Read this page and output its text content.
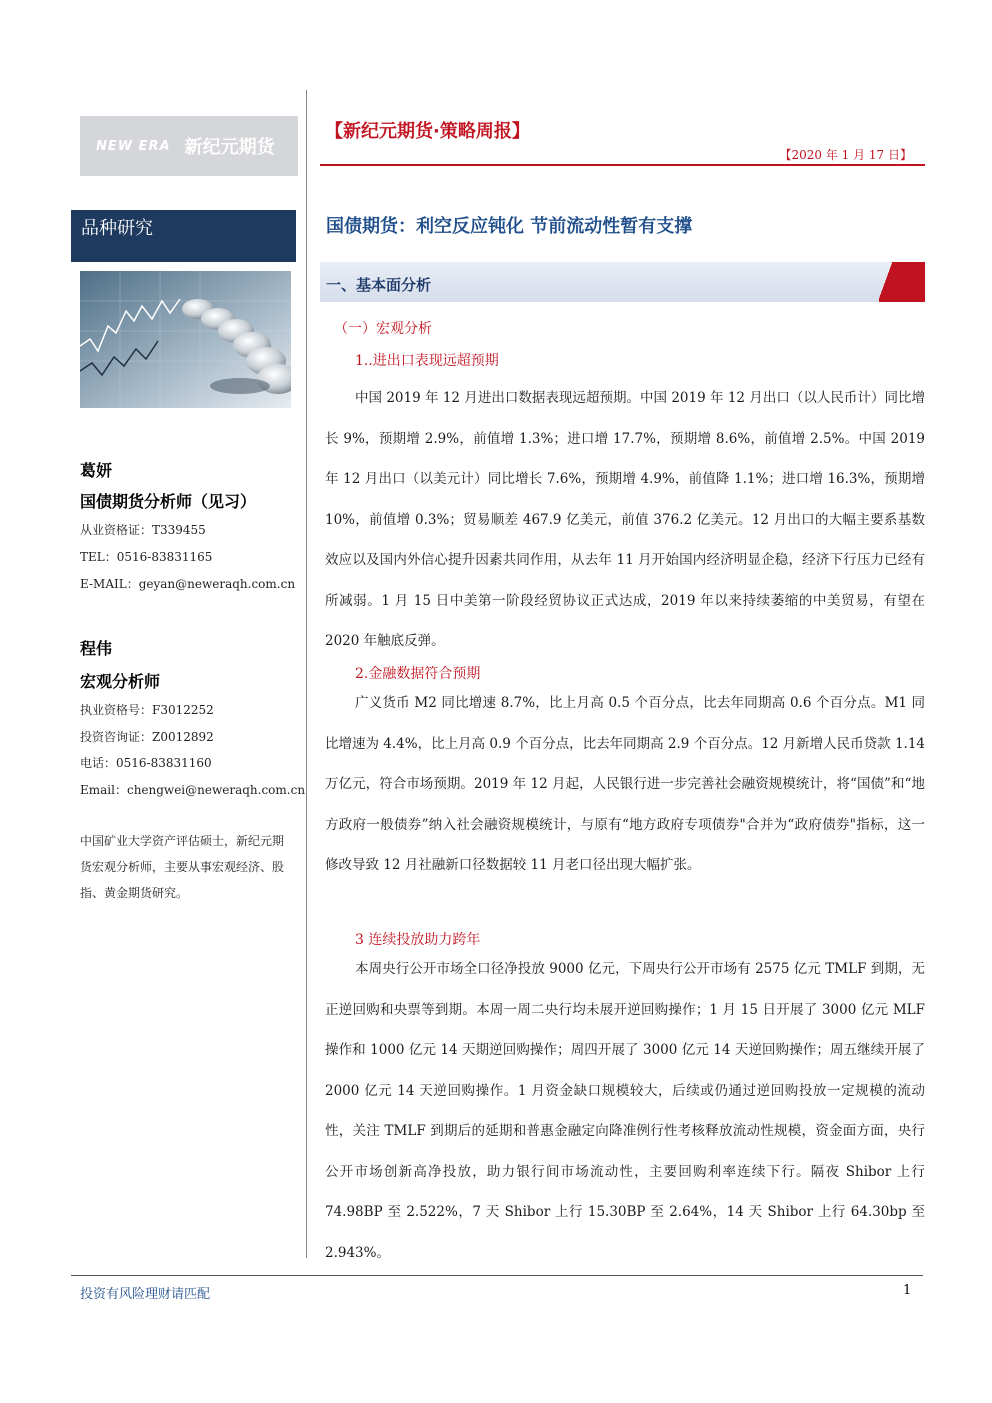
NEW ERA 新纪元期货
品种研究
葛妍
国债期货分析师（见习）
从业资格证：T339455
TEL：0516-83831165
E-MAIL：geyan@neweraqh.com.cn
程伟
宏观分析师
执业资格号：F3012252
投资咨询证：Z0012892
电话：0516-83831160
Email：chengwei@neweraqh.com.cn
中国矿业大学资产评估硕士，新纪元期货宏观分析师，主要从事宏观经济、股指、黄金期货研究。
【新纪元期货·策略周报】
【2020 年 1 月 17 日】
国债期货：利空反应钝化 节前流动性暂有支撑
一、基本面分析
（一）宏观分析
1..进出口表现远超预期
中国 2019 年 12 月进出口数据表现远超预期。中国 2019 年 12 月出口（以人民币计）同比增长 9%，预期增 2.9%，前值增 1.3%；进口增 17.7%，预期增 8.6%，前值增 2.5%。中国 2019 年 12 月出口（以美元计）同比增长 7.6%，预期增 4.9%，前值降 1.1%；进口增 16.3%，预期增 10%，前值增 0.3%；贸易顺差 467.9 亿美元，前值 376.2 亿美元。12 月出口的大幅主要系基数效应以及国内外信心提升因素共同作用，从去年 11 月开始国内经济明显企稳，经济下行压力已经有所减弱。1 月 15 日中美第一阶段经贸协议正式达成，2019 年以来持续萎缩的中美贸易，有望在 2020 年触底反弹。
2.金融数据符合预期
广义货币 M2 同比增速 8.7%，比上月高 0.5 个百分点，比去年同期高 0.6 个百分点。M1 同比增速为 4.4%，比上月高 0.9 个百分点，比去年同期高 2.9 个百分点。12 月新增人民币贷款 1.14 万亿元，符合市场预期。2019 年 12 月起，人民银行进一步完善社会融资规模统计，将“国债”和“地方政府一般债券”纳入社会融资规模统计，与原有“地方政府专项债券"合并为“政府债券"指标，这一修改导致 12 月社融新口径数据较 11 月老口径出现大幅扩张。
3 连续投放助力跨年
本周央行公开市场全口径净投放 9000 亿元，下周央行公开市场有 2575 亿元 TMLF 到期，无正逆回购和央票等到期。本周一周二央行均未展开逆回购操作；1 月 15 日开展了 3000 亿元 MLF 操作和 1000 亿元 14 天期逆回购操作；周四开展了 3000 亿元 14 天逆回购操作；周五继续开展了 2000 亿元 14 天逆回购操作。1 月资金缺口规模较大，后续或仍通过逆回购投放一定规模的流动性，关注 TMLF 到期后的延期和普惠金融定向降准例行性考核释放流动性规模，资金面方面，央行公开市场创新高净投放，助力银行间市场流动性，主要回购利率连续下行。隔夜 Shibor 上行 74.98BP 至 2.522%，7 天 Shibor 上行 15.30BP 至 2.64%，14 天 Shibor 上行 64.30bp 至 2.943%。
投资有风险理财请匹配	1
